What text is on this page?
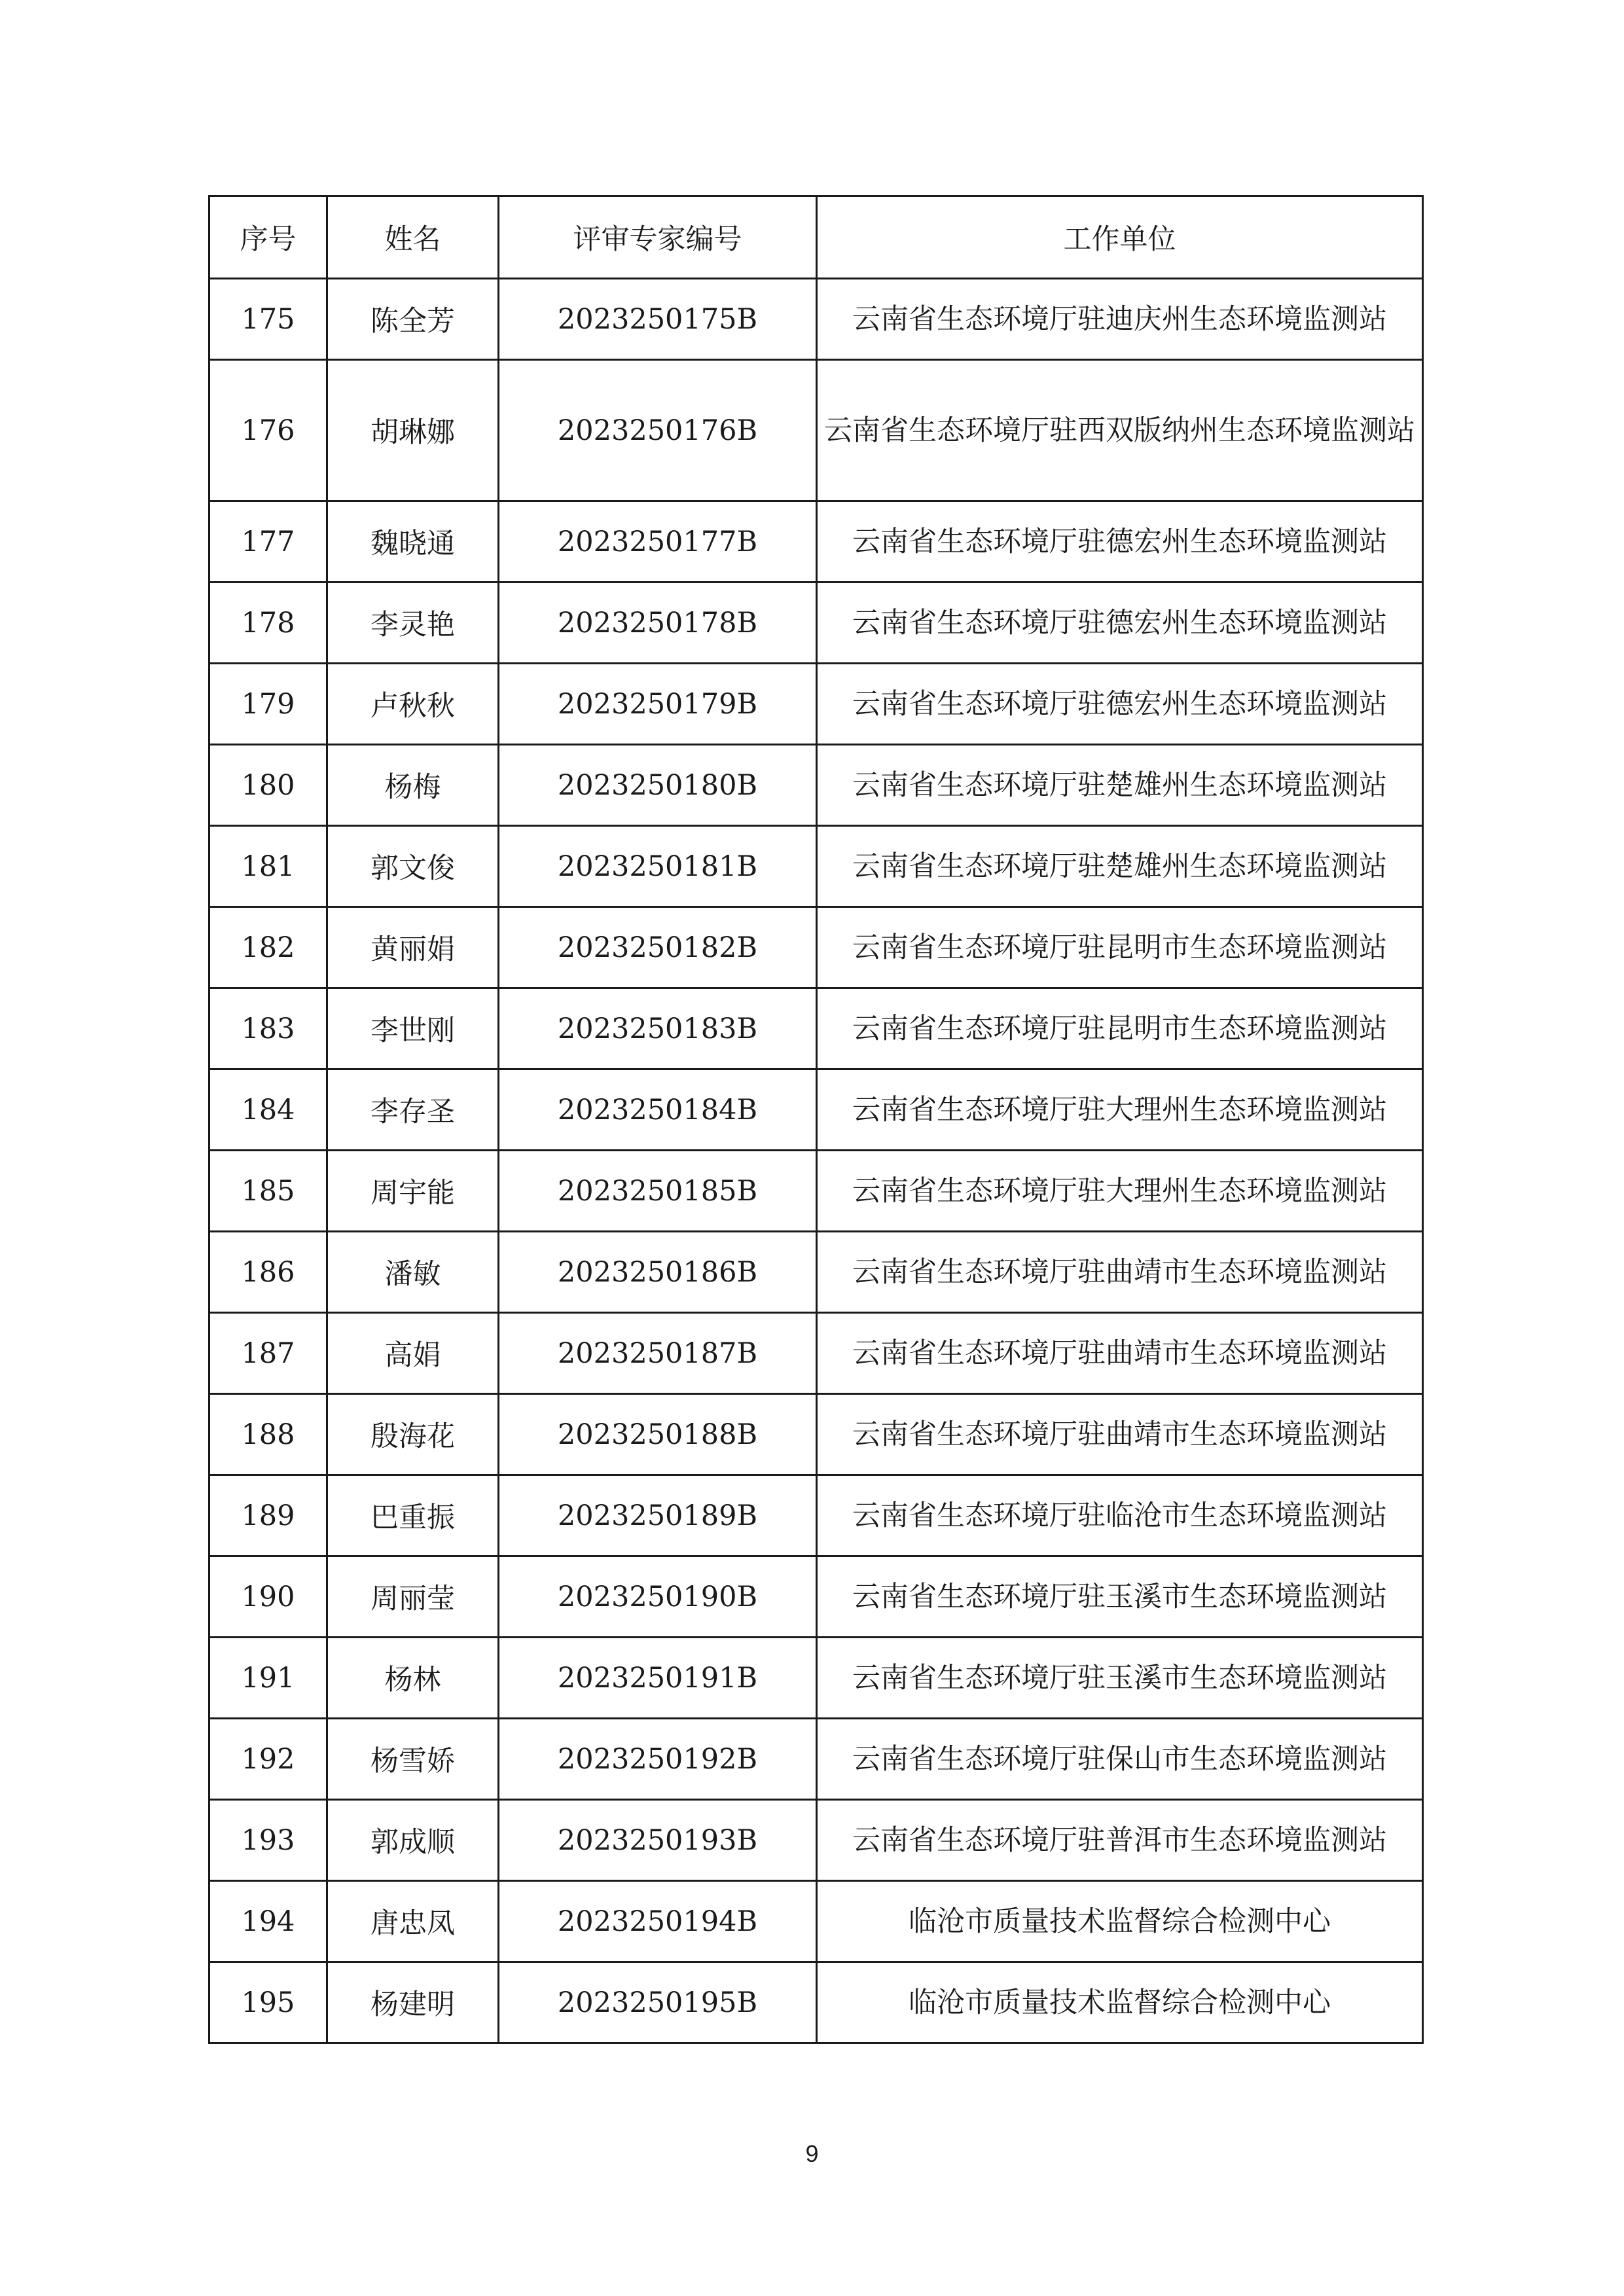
序号	姓名	评审专家编号	工作单位
175	陈全芳	2023250175B	云南省生态环境厅驻迪庆州生态环境监测站
176	胡琳娜	2023250176B	云南省生态环境厅驻西双版纳州生态环境监测站
177	魏晓通	2023250177B	云南省生态环境厅驻德宏州生态环境监测站
178	李灵艳	2023250178B	云南省生态环境厅驻德宏州生态环境监测站
179	卢秋秋	2023250179B	云南省生态环境厅驻德宏州生态环境监测站
180	杨梅	2023250180B	云南省生态环境厅驻楚雄州生态环境监测站
181	郭文俊	2023250181B	云南省生态环境厅驻楚雄州生态环境监测站
182	黄丽娟	2023250182B	云南省生态环境厅驻昆明市生态环境监测站
183	李世刚	2023250183B	云南省生态环境厅驻昆明市生态环境监测站
184	李存圣	2023250184B	云南省生态环境厅驻大理州生态环境监测站
185	周宇能	2023250185B	云南省生态环境厅驻大理州生态环境监测站
186	潘敏	2023250186B	云南省生态环境厅驻曲靖市生态环境监测站
187	高娟	2023250187B	云南省生态环境厅驻曲靖市生态环境监测站
188	殷海花	2023250188B	云南省生态环境厅驻曲靖市生态环境监测站
189	巴重振	2023250189B	云南省生态环境厅驻临沧市生态环境监测站
190	周丽莹	2023250190B	云南省生态环境厅驻玉溪市生态环境监测站
191	杨林	2023250191B	云南省生态环境厅驻玉溪市生态环境监测站
192	杨雪娇	2023250192B	云南省生态环境厅驻保山市生态环境监测站
193	郭成顺	2023250193B	云南省生态环境厅驻普洱市生态环境监测站
194	唐忠凤	2023250194B	临沧市质量技术监督综合检测中心
195	杨建明	2023250195B	临沧市质量技术监督综合检测中心
9
